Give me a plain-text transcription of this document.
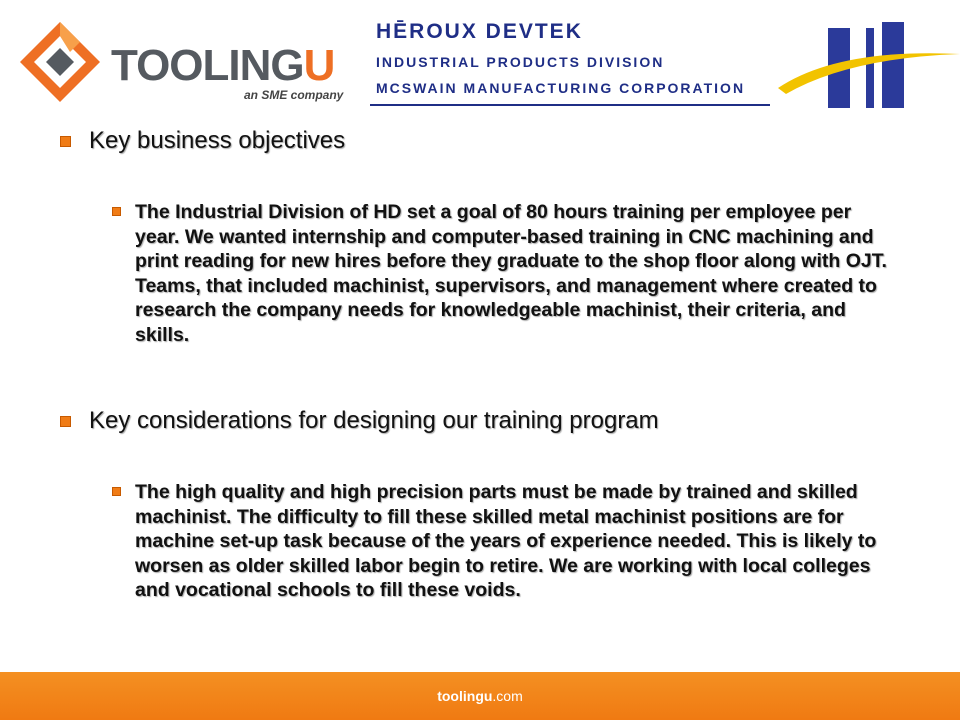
TOOLINGU
an SME company
HĒROUX DEVTEK
INDUSTRIAL PRODUCTS DIVISION
MCSWAIN MANUFACTURING CORPORATION
Key business objectives
The Industrial Division of HD set a goal of 80 hours training per employee per year. We wanted internship and computer-based training in CNC machining and print reading for new hires before they graduate to the shop floor along with OJT. Teams, that included machinist, supervisors, and management where created to research the company needs for knowledgeable machinist, their criteria, and skills.
Key considerations for designing our training program
The high quality and high precision parts must be made by trained and skilled machinist. The difficulty to fill these skilled metal machinist positions are for machine set-up task because of the years of experience needed. This is likely to worsen as older skilled labor begin to retire. We are working with local colleges and vocational schools to fill these voids.
toolingu.com
